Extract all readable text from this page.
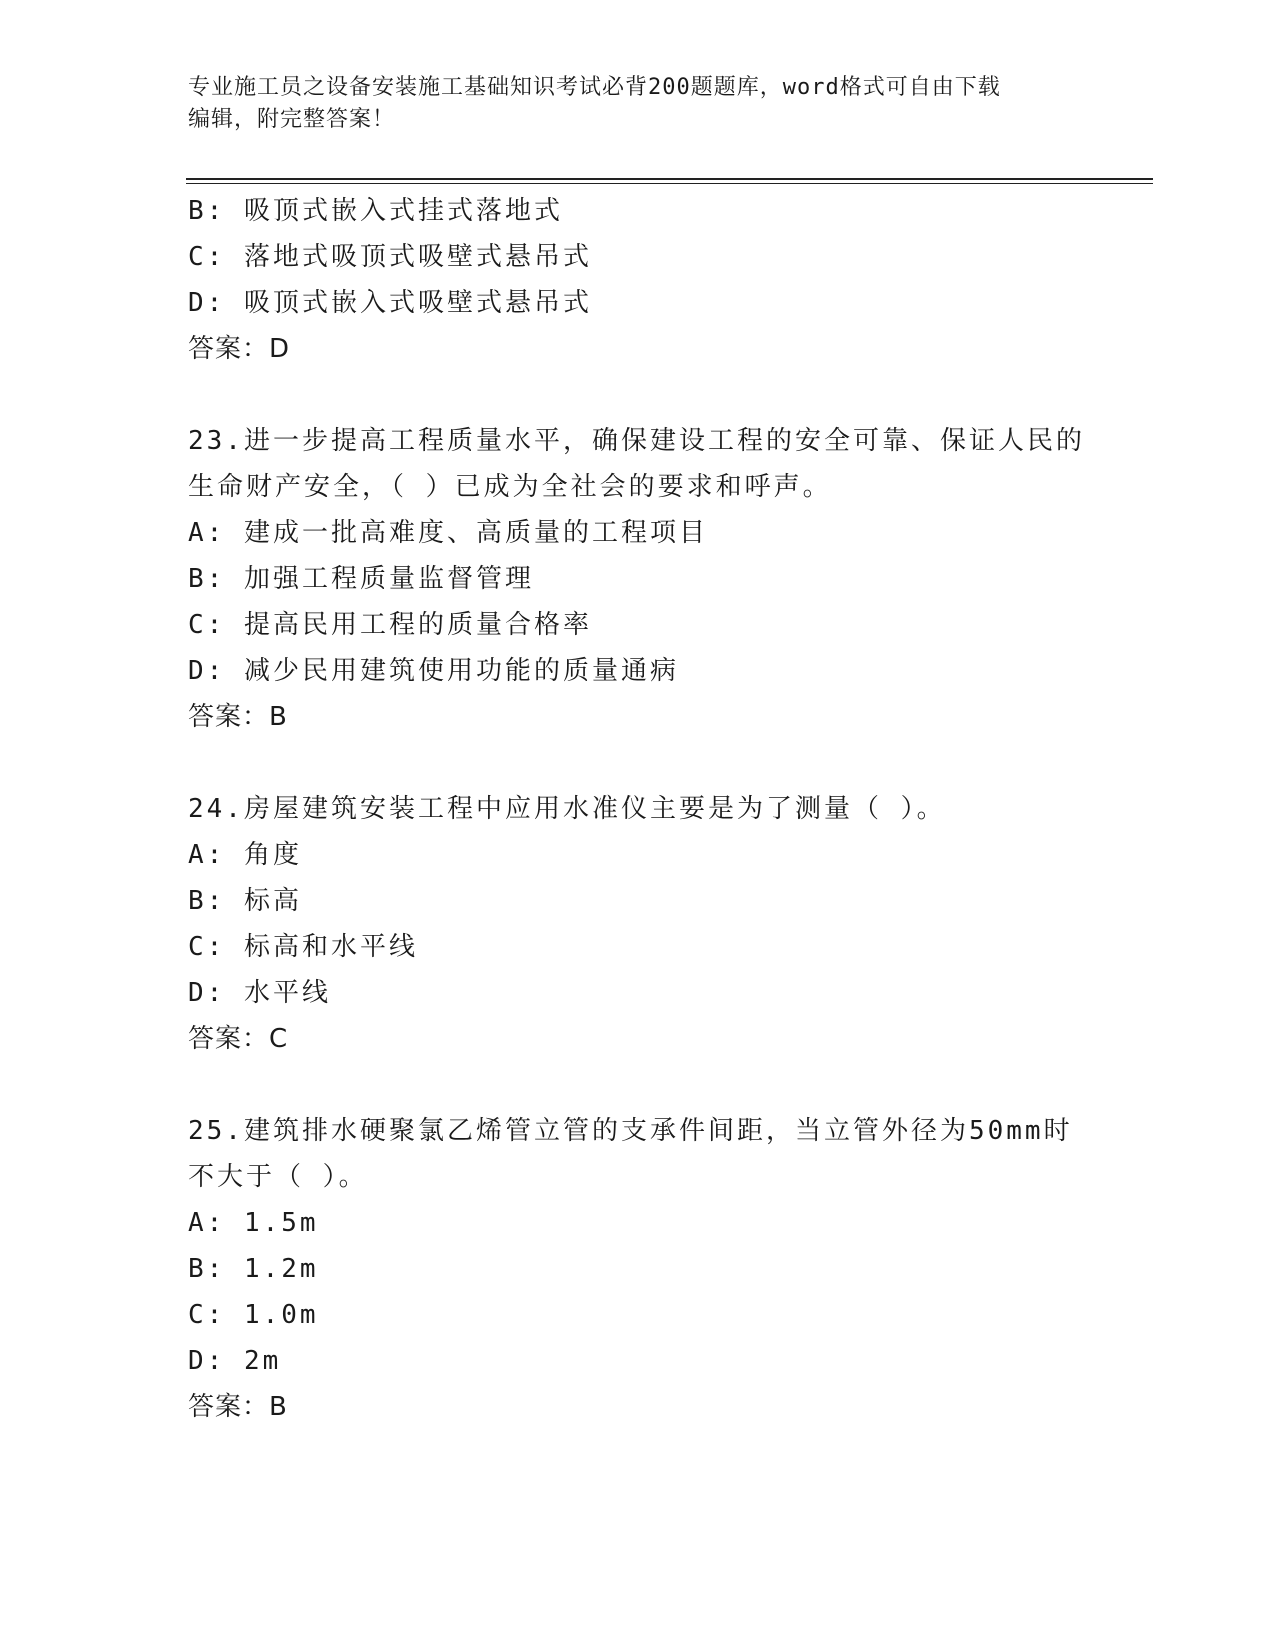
专业施工员之设备安装施工基础知识考试必背200题题库，word格式可自由下载
编辑，附完整答案！
B: 吸顶式嵌入式挂式落地式
C: 落地式吸顶式吸壁式悬吊式
D: 吸顶式嵌入式吸壁式悬吊式
答案：D
23.进一步提高工程质量水平，确保建设工程的安全可靠、保证人民的
生命财产安全，（ ）已成为全社会的要求和呼声。
A: 建成一批高难度、高质量的工程项目
B: 加强工程质量监督管理
C: 提高民用工程的质量合格率
D: 减少民用建筑使用功能的质量通病
答案：B
24.房屋建筑安装工程中应用水准仪主要是为了测量（ ）。
A: 角度
B: 标高
C: 标高和水平线
D: 水平线
答案：C
25.建筑排水硬聚氯乙烯管立管的支承件间距，当立管外径为50mm时
不大于（ ）。
A: 1.5m
B: 1.2m
C: 1.0m
D: 2m
答案：B
